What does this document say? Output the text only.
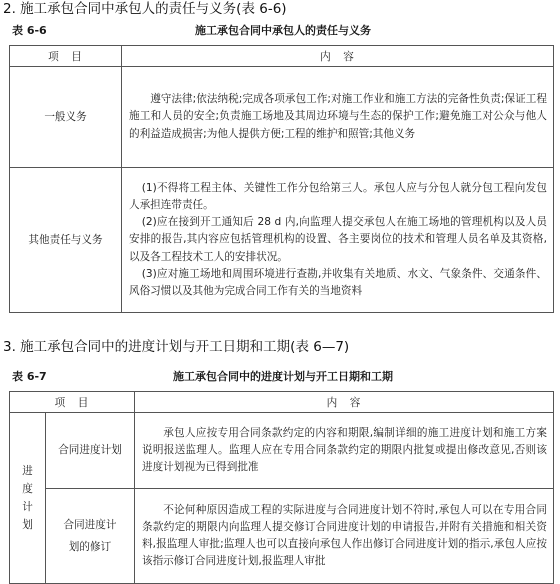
2. 施工承包合同中承包人的责任与义务(表 6-6)
表 6-6	施工承包合同中承包人的责任与义务
项　目	内　容
一般义务	遵守法律;依法纳税;完成各项承包工作;对施工作业和施工方法的完备性负责;保证工程施工和人员的安全;负责施工场地及其周边环境与生态的保护工作;避免施工对公众与他人的利益造成损害;为他人提供方便;工程的维护和照管;其他义务

其他责任与义务	(1)不得将工程主体、关键性工作分包给第三人。承包人应与分包人就分包工程向发包人承担连带责任。

(2)应在接到开工通知后 28 d 内,向监理人提交承包人在施工场地的管理机构以及人员安排的报告,其内容应包括管理机构的设置、各主要岗位的技术和管理人员名单及其资格,以及各工程技术工人的安排状况。

(3)应对施工场地和周围环境进行查勘,并收集有关地质、水文、气象条件、交通条件、风俗习惯以及其他为完成合同工作有关的当地资料

3. 施工承包合同中的进度计划与开工日期和工期(表 6—7)
表 6-7	施工承包合同中的进度计划与开工日期和工期
项　目		内　容

进度计划	合同进度计划	承包人应按专用合同条款约定的内容和期限,编制详细的施工进度计划和施工方案说明报送监理人。监理人应在专用合同条款约定的期限内批复或提出修改意见,否则该进度计划视为已得到批准

	合同进度计划的修订	不论何种原因造成工程的实际进度与合同进度计划不符时,承包人可以在专用合同条款约定的期限内向监理人提交修订合同进度计划的申请报告,并附有关措施和相关资料,报监理人审批;监理人也可以直接向承包人作出修订合同进度计划的指示,承包人应按该指示修订合同进度计划,报监理人审批
